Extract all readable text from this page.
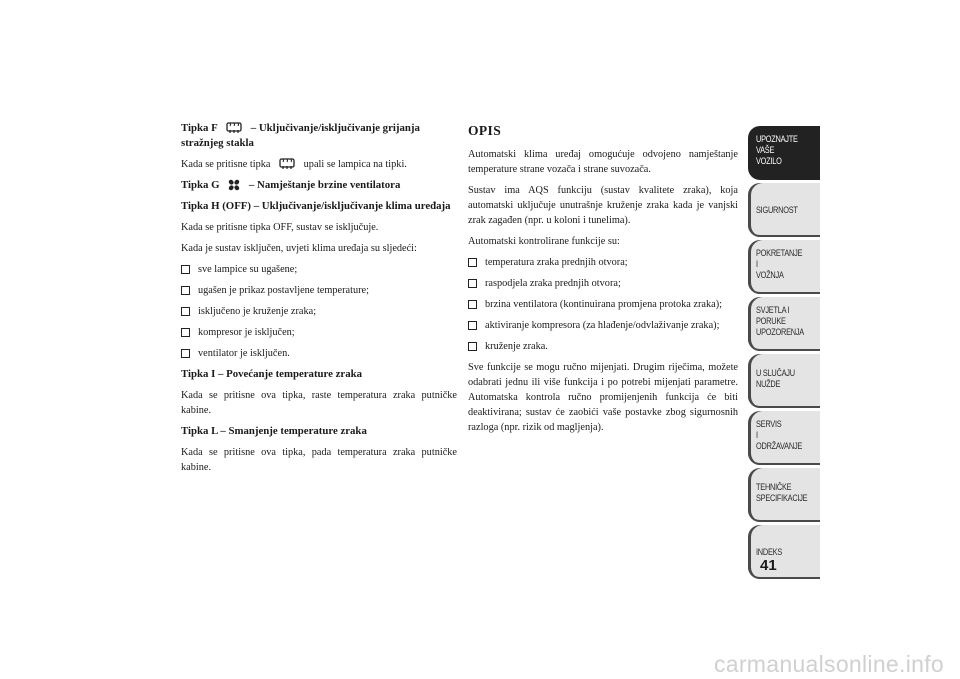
Tipka F	– Uključivanje/isključivanje grijanja stražnjeg stakla
Kada se pritisne tipka	upali se lampica na tipki.
Tipka G	– Namještanje brzine ventilatora
Tipka H (OFF) – Uključivanje/isključivanje klima uređaja
Kada se pritisne tipka OFF, sustav se isključuje.
Kada je sustav isključen, uvjeti klima uređaja su sljedeći:
sve lampice su ugašene;
ugašen je prikaz postavljene temperature;
isključeno je kruženje zraka;
kompresor je isključen;
ventilator je isključen.
Tipka I – Povećanje temperature zraka
Kada se pritisne ova tipka, raste temperatura zraka putničke kabine.
Tipka L – Smanjenje temperature zraka
Kada se pritisne ova tipka, pada temperatura zraka putničke kabine.
OPIS
Automatski klima uređaj omogućuje odvojeno namještanje temperature strane vozača i strane suvozača.
Sustav ima AQS funkciju (sustav kvalitete zraka), koja automatski uključuje unutrašnje kruženje zraka kada je vanjski zrak zagađen (npr. u koloni i tunelima).
Automatski kontrolirane funkcije su:
temperatura zraka prednjih otvora;
raspodjela zraka prednjih otvora;
brzina ventilatora (kontinuirana promjena protoka zraka);
aktiviranje kompresora (za hlađenje/odvlaživanje zraka);
kruženje zraka.
Sve funkcije se mogu ručno mijenjati. Drugim riječima, možete odabrati jednu ili više funkcija i po potrebi mijenjati parametre. Automatska kontrola ručno promijenjenih funkcija će biti deaktivirana; sustav će zaobići vaše postavke zbog sigurnosnih razloga (npr. rizik od magljenja).
UPOZNAJTE
VAŠE
VOZILO
SIGURNOST
POKRETANJE
I
VOŽNJA
SVJETLA I
PORUKE
UPOZORENJA
U SLUČAJU
NUŽDE
SERVIS
I
ODRŽAVANJE
TEHNIČKE
SPECIFIKACIJE
INDEKS
41
carmanualsonline.info
